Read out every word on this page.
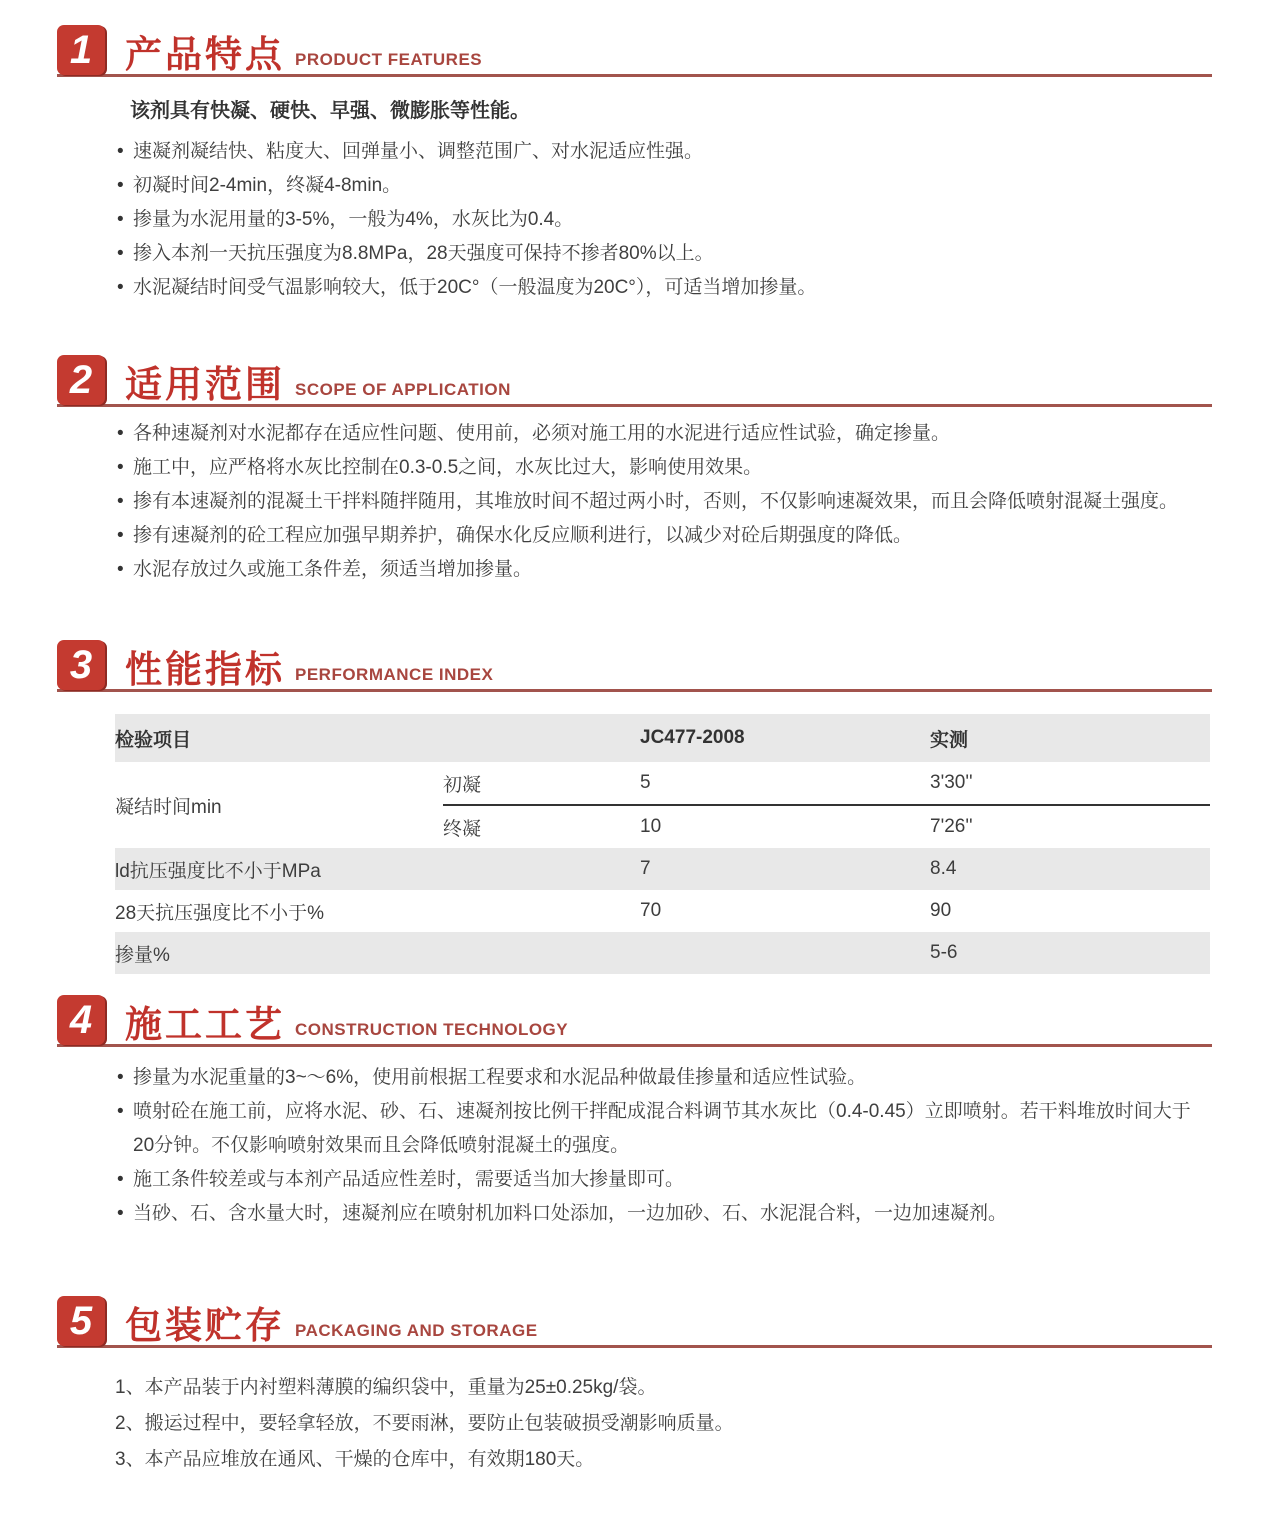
1 产品特点 PRODUCT FEATURES
该剂具有快凝、硬快、早强、微膨胀等性能。
• 速凝剂凝结快、粘度大、回弹量小、调整范围广、对水泥适应性强。
• 初凝时间2-4min，终凝4-8min。
• 掺量为水泥用量的3-5%，一般为4%，水灰比为0.4。
• 掺入本剂一天抗压强度为8.8MPa，28天强度可保持不掺者80%以上。
• 水泥凝结时间受气温影响较大，低于20C°（一般温度为20C°），可适当增加掺量。
2 适用范围 SCOPE OF APPLICATION
• 各种速凝剂对水泥都存在适应性问题、使用前，必须对施工用的水泥进行适应性试验，确定掺量。
• 施工中，应严格将水灰比控制在0.3-0.5之间，水灰比过大，影响使用效果。
• 掺有本速凝剂的混凝土干拌料随拌随用，其堆放时间不超过两小时，否则，不仅影响速凝效果，而且会降低喷射混凝土强度。
• 掺有速凝剂的砼工程应加强早期养护，确保水化反应顺利进行，以减少对砼后期强度的降低。
• 水泥存放过久或施工条件差，须适当增加掺量。
3 性能指标 PERFORMANCE INDEX
检验项目		JC477-2008	实测
凝结时间min	初凝	5	3'30''
	终凝	10	7'26''
ld抗压强度比不小于MPa		7	8.4
28天抗压强度比不小于%		70	90
掺量%			5-6
4 施工工艺 CONSTRUCTION TECHNOLOGY
• 掺量为水泥重量的3~～6%，使用前根据工程要求和水泥品种做最佳掺量和适应性试验。
• 喷射砼在施工前，应将水泥、砂、石、速凝剂按比例干拌配成混合料调节其水灰比（0.4-0.45）立即喷射。若干料堆放时间大于20分钟。不仅影响喷射效果而且会降低喷射混凝土的强度。
• 施工条件较差或与本剂产品适应性差时，需要适当加大掺量即可。
• 当砂、石、含水量大时，速凝剂应在喷射机加料口处添加，一边加砂、石、水泥混合料，一边加速凝剂。
5 包装贮存 PACKAGING AND STORAGE
1、本产品装于内衬塑料薄膜的编织袋中，重量为25±0.25kg/袋。
2、搬运过程中，要轻拿轻放，不要雨淋，要防止包装破损受潮影响质量。
3、本产品应堆放在通风、干燥的仓库中，有效期180天。
